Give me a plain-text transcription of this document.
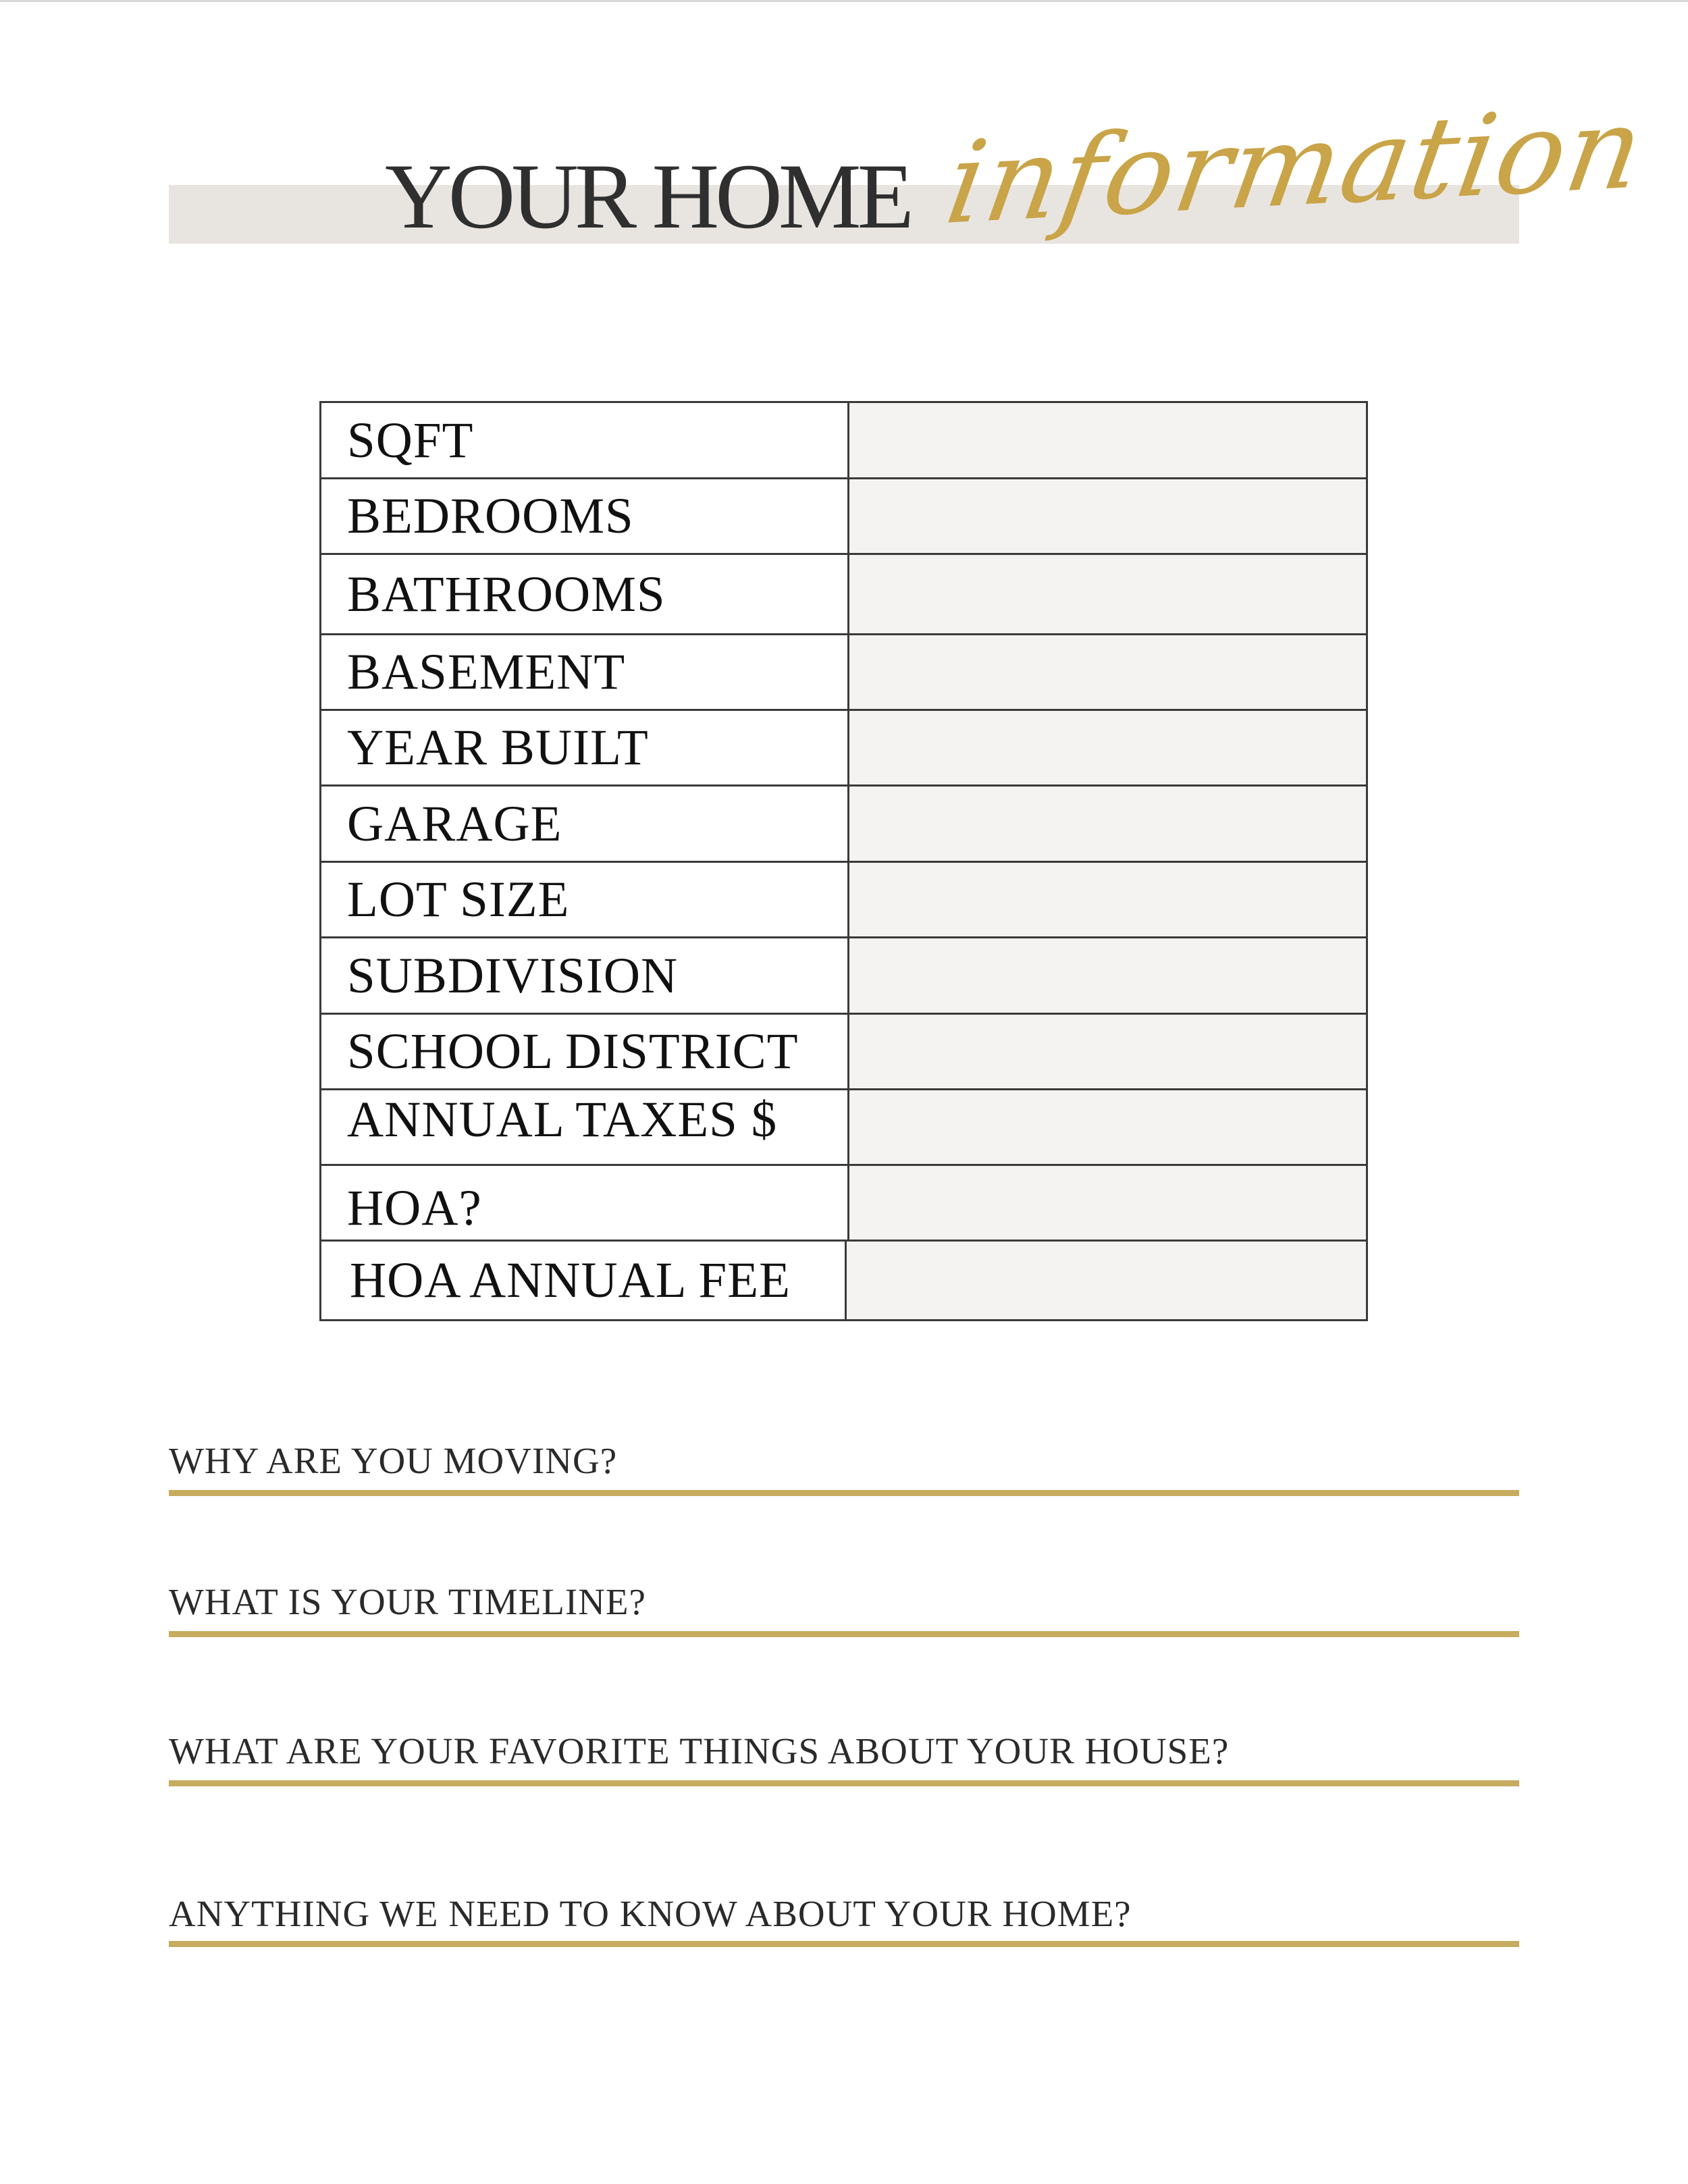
YOUR HOME information
SQFT
BEDROOMS
BATHROOMS
BASEMENT
YEAR BUILT
GARAGE
LOT SIZE
SUBDIVISION
SCHOOL DISTRICT
ANNUAL TAXES $
HOA?
HOA ANNUAL FEE
WHY ARE YOU MOVING?
WHAT IS YOUR TIMELINE?
WHAT ARE YOUR FAVORITE THINGS ABOUT YOUR HOUSE?
ANYTHING WE NEED TO KNOW ABOUT YOUR HOME?
